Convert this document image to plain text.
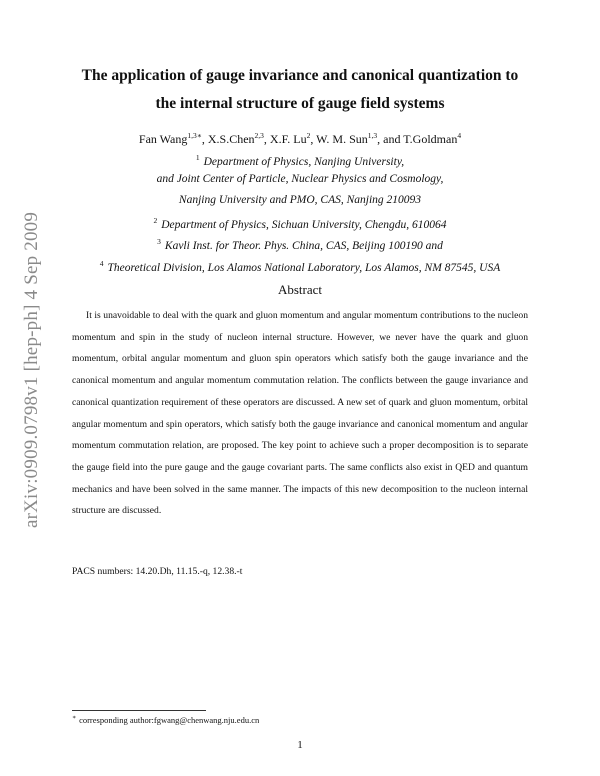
arXiv:0909.0798v1 [hep-ph] 4 Sep 2009
The application of gauge invariance and canonical quantization to
the internal structure of gauge field systems
Fan Wang$^{1,3∗}$, X.S.Chen$^{2,3}$, X.F. Lu$^2$, W. M. Sun$^{1,3}$, and T.Goldman$^4$
$^1$ Department of Physics, Nanjing University,
and Joint Center of Particle, Nuclear Physics and Cosmology,
Nanjing University and PMO, CAS, Nanjing 210093
$^2$ Department of Physics, Sichuan University, Chengdu, 610064
$^3$ Kavli Inst. for Theor. Phys. China, CAS, Beijing 100190 and
$^4$ Theoretical Division, Los Alamos National Laboratory, Los Alamos, NM 87545, USA
Abstract
It is unavoidable to deal with the quark and gluon momentum and angular momentum contributions to the nucleon momentum and spin in the study of nucleon internal structure. However, we never have the quark and gluon momentum, orbital angular momentum and gluon spin operators which satisfy both the gauge invariance and the canonical momentum and angular momentum commutation relation. The conflicts between the gauge invariance and canonical quantization requirement of these operators are discussed. A new set of quark and gluon momentum, orbital angular momentum and spin operators, which satisfy both the gauge invariance and canonical momentum and angular momentum commutation relation, are proposed. The key point to achieve such a proper decomposition is to separate the gauge field into the pure gauge and the gauge covariant parts. The same conflicts also exist in QED and quantum mechanics and have been solved in the same manner. The impacts of this new decomposition to the nucleon internal structure are discussed.
PACS numbers: 14.20.Dh, 11.15.-q, 12.38.-t
∗ corresponding author:fgwang@chenwang.nju.edu.cn
1
